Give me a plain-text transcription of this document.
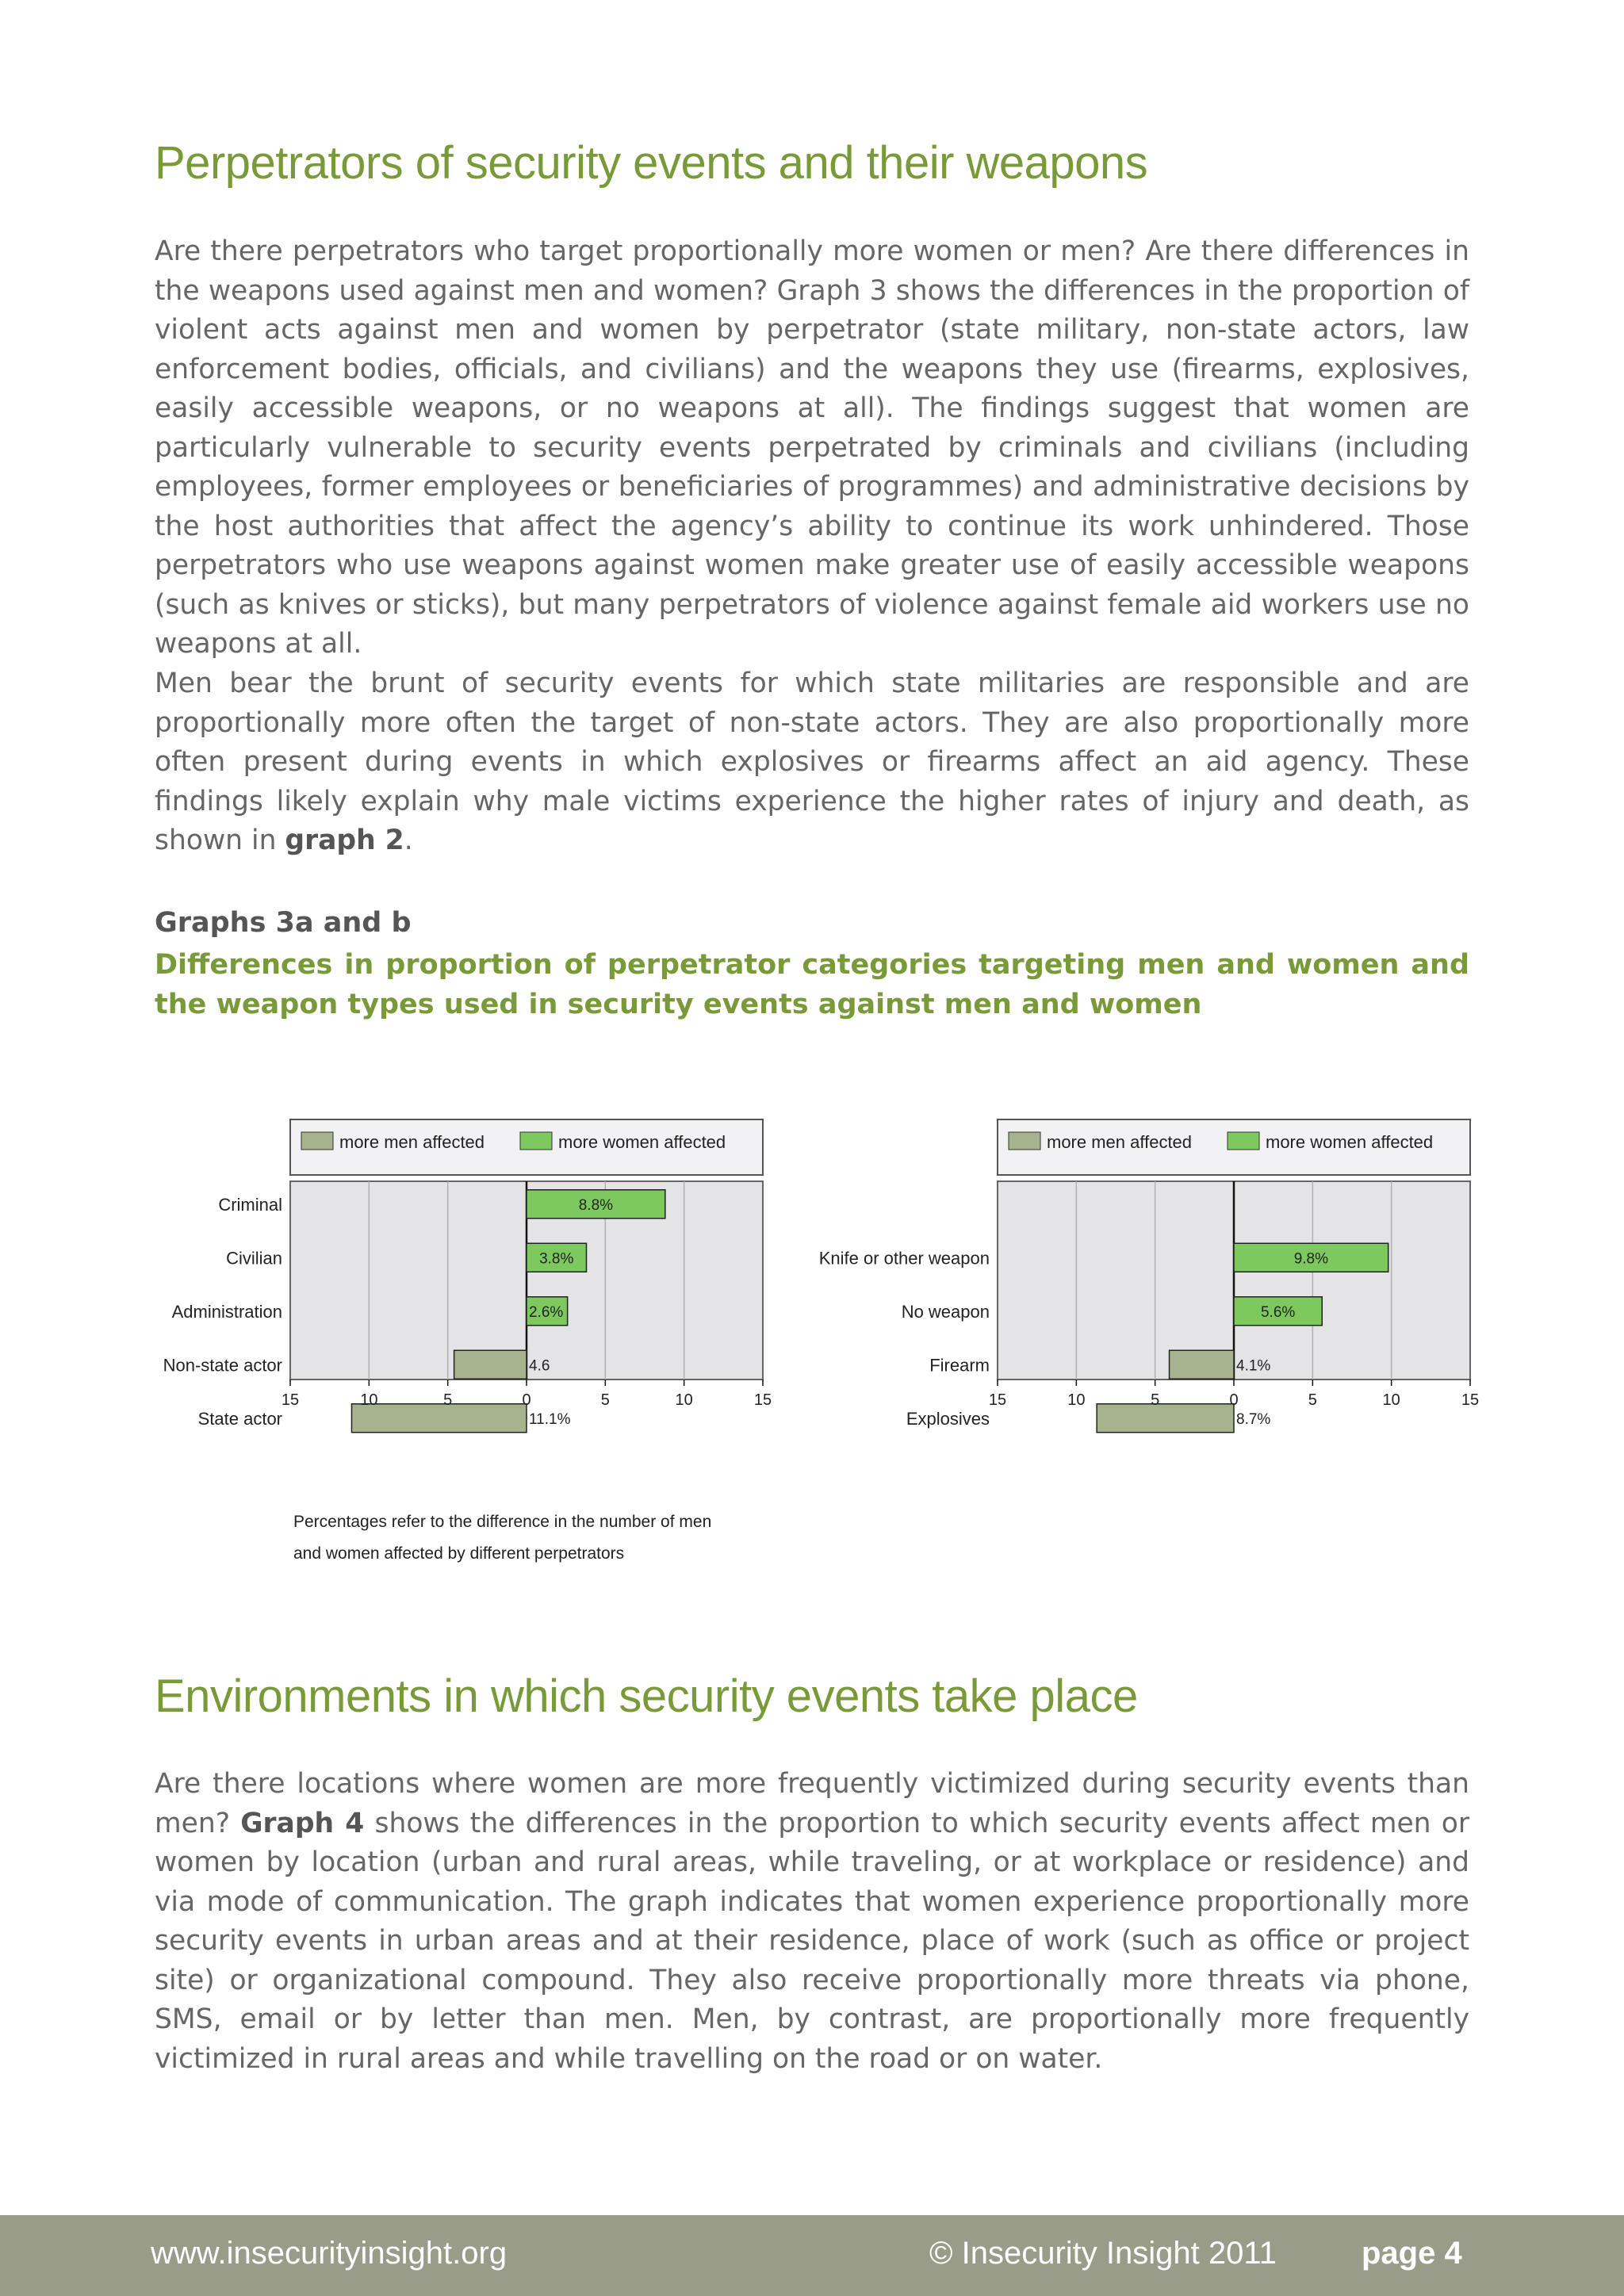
Perpetrators of security events and their weapons

Are there perpetrators who target proportionally more women or men? Are there differences in the weapons used against men and women? Graph 3 shows the differences in the proportion of violent acts against men and women by perpetrator (state military, non-state actors, law enforcement bodies, officials, and civilians) and the weapons they use (firearms, explosives, easily accessible weapons, or no weapons at all). The findings suggest that women are particularly vulnerable to security events perpetrated by criminals and civilians (including employees, former employees or beneficiaries of programmes) and administrative decisions by the host authorities that affect the agency’s ability to continue its work unhindered. Those perpetrators who use weapons against women make greater use of easily accessible weapons (such as knives or sticks), but many perpetrators of violence against female aid workers use no weapons at all.

Men bear the brunt of security events for which state militaries are responsible and are proportionally more often the target of non-state actors. They are also proportionally more often present during events in which explosives or firearms affect an aid agency. These findings likely explain why male victims experience the higher rates of injury and death, as shown in graph 2.

Graphs 3a and b
Differences in proportion of perpetrator categories targeting men and women and the weapon types used in security events against men and women
more men affected	more women affected
8.8%
3.8%
2.6%
4.6
11.1%
Criminal
Civilian
Administration
Non-state actor
State actor
15	10	5	0	5	10	15
more men affected	more women affected
9.8%
5.6%
4.1%
8.7%
Knife or other weapon
No weapon
Firearm
Explosives
15	10	5	0	5	10	15
Percentages refer to the difference in the number of men
and women affected by different perpetrators
Environments in which security events take place

Are there locations where women are more frequently victimized during security events than men? Graph 4 shows the differences in the proportion to which security events affect men or women by location (urban and rural areas, while traveling, or at workplace or residence) and via mode of communication. The graph indicates that women experience proportionally more security events in urban areas and at their residence, place of work (such as office or project site) or organizational compound. They also receive proportionally more threats via phone, SMS, email or by letter than men. Men, by contrast, are proportionally more frequently victimized in rural areas and while travelling on the road or on water.

www.insecurityinsight.org	© Insecurity Insight 2011	page 4
